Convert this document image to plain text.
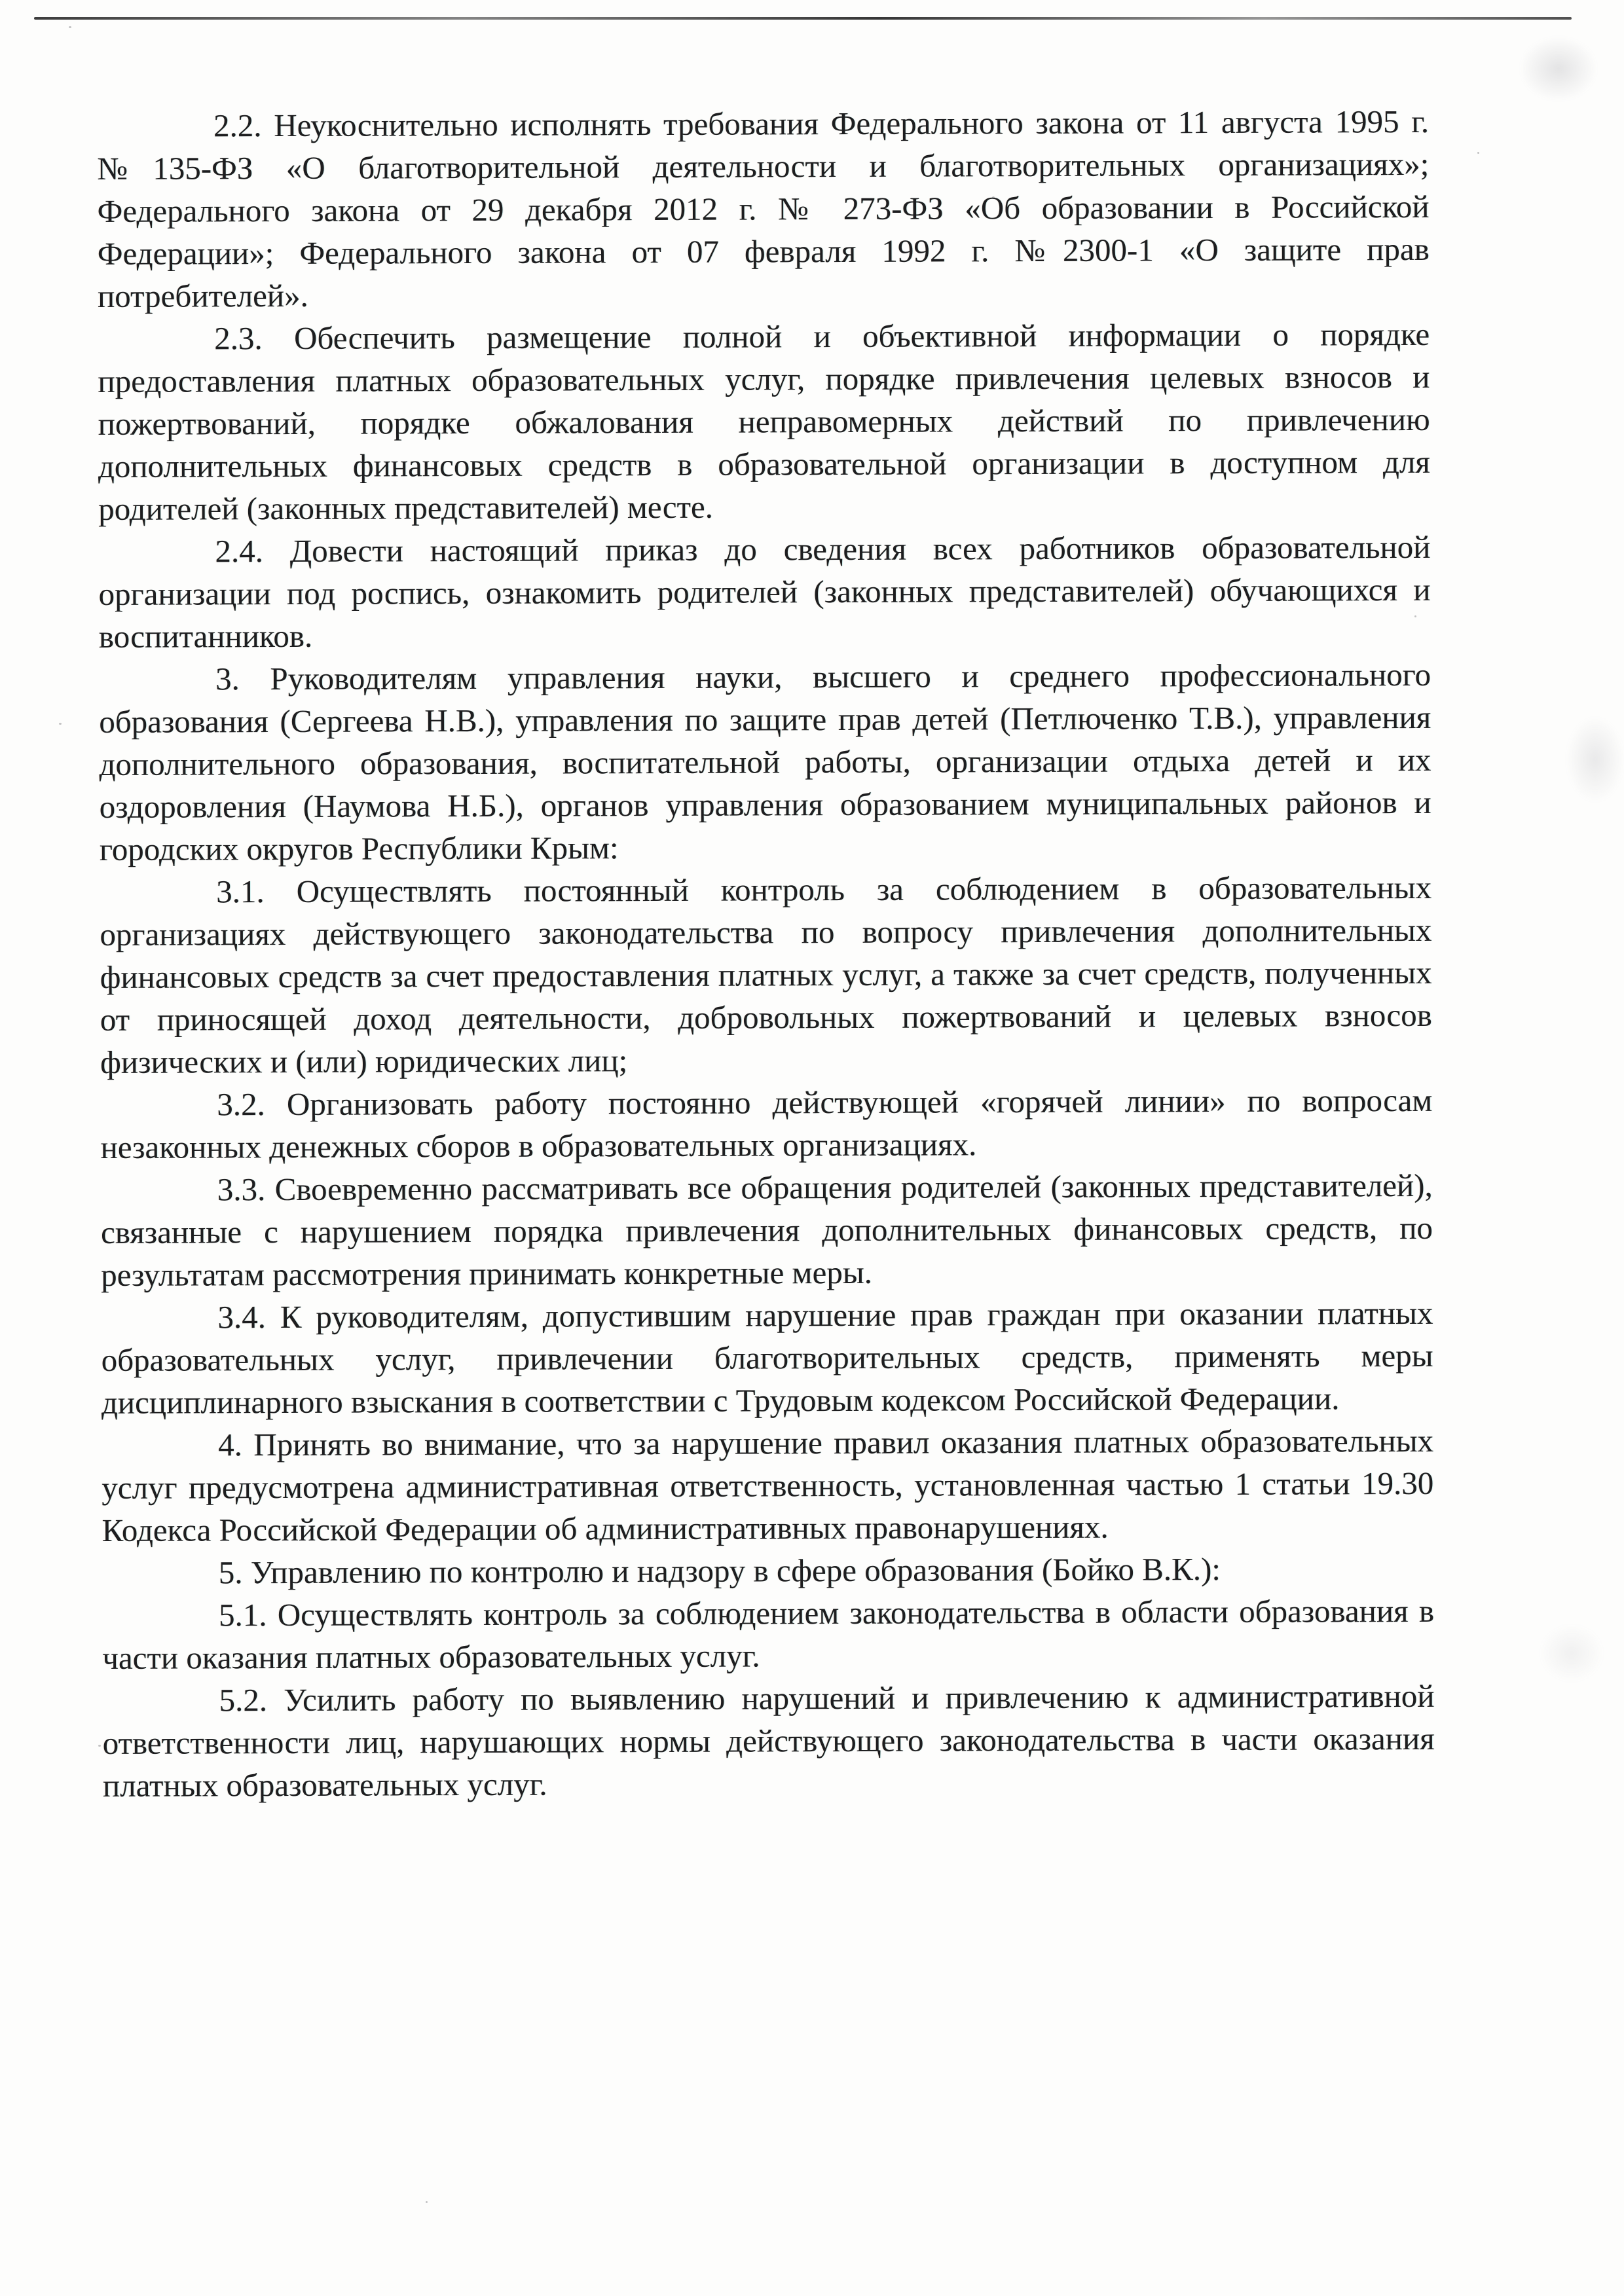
2.2. Неукоснительно исполнять требования Федерального закона от 11 августа 1995 г. №135-ФЗ «О благотворительной деятельности и благотворительных организациях»; Федерального закона от 29 декабря 2012 г. № 273-ФЗ «Об образовании в Российской Федерации»; Федерального закона от 07 февраля 1992 г. №2300-1 «О защите прав потребителей».

2.3. Обеспечить размещение полной и объективной информации о порядке предоставления платных образовательных услуг, порядке привлечения целевых взносов и пожертвований, порядке обжалования неправомерных действий по привлечению дополнительных финансовых средств в образовательной организации в доступном для родителей (законных представителей) месте.

2.4. Довести настоящий приказ до сведения всех работников образовательной организации под роспись, ознакомить родителей (законных представителей) обучающихся и воспитанников.

3. Руководителям управления науки, высшего и среднего профессионального образования (Сергеева Н.В.), управления по защите прав детей (Петлюченко Т.В.), управления дополнительного образования, воспитательной работы, организации отдыха детей и их оздоровления (Наумова Н.Б.), органов управления образованием муниципальных районов и городских округов Республики Крым:

3.1. Осуществлять постоянный контроль за соблюдением в образовательных организациях действующего законодательства по вопросу привлечения дополнительных финансовых средств за счет предоставления платных услуг, а также за счет средств, полученных от приносящей доход деятельности, добровольных пожертвований и целевых взносов физических и (или) юридических лиц;

3.2. Организовать работу постоянно действующей «горячей линии» по вопросам незаконных денежных сборов в образовательных организациях.

3.3. Своевременно рассматривать все обращения родителей (законных представителей), связанные с нарушением порядка привлечения дополнительных финансовых средств, по результатам рассмотрения принимать конкретные меры.

3.4. К руководителям, допустившим нарушение прав граждан при оказании платных образовательных услуг, привлечении благотворительных средств, применять меры дисциплинарного взыскания в соответствии с Трудовым кодексом Российской Федерации.

4. Принять во внимание, что за нарушение правил оказания платных образовательных услуг предусмотрена административная ответственность, установленная частью 1 статьи 19.30 Кодекса Российской Федерации об административных правонарушениях.

5. Управлению по контролю и надзору в сфере образования (Бойко В.К.):

5.1. Осуществлять контроль за соблюдением законодательства в области образования в части оказания платных образовательных услуг.

5.2. Усилить работу по выявлению нарушений и привлечению к административной ответственности лиц, нарушающих нормы действующего законодательства в части оказания платных образовательных услуг.
